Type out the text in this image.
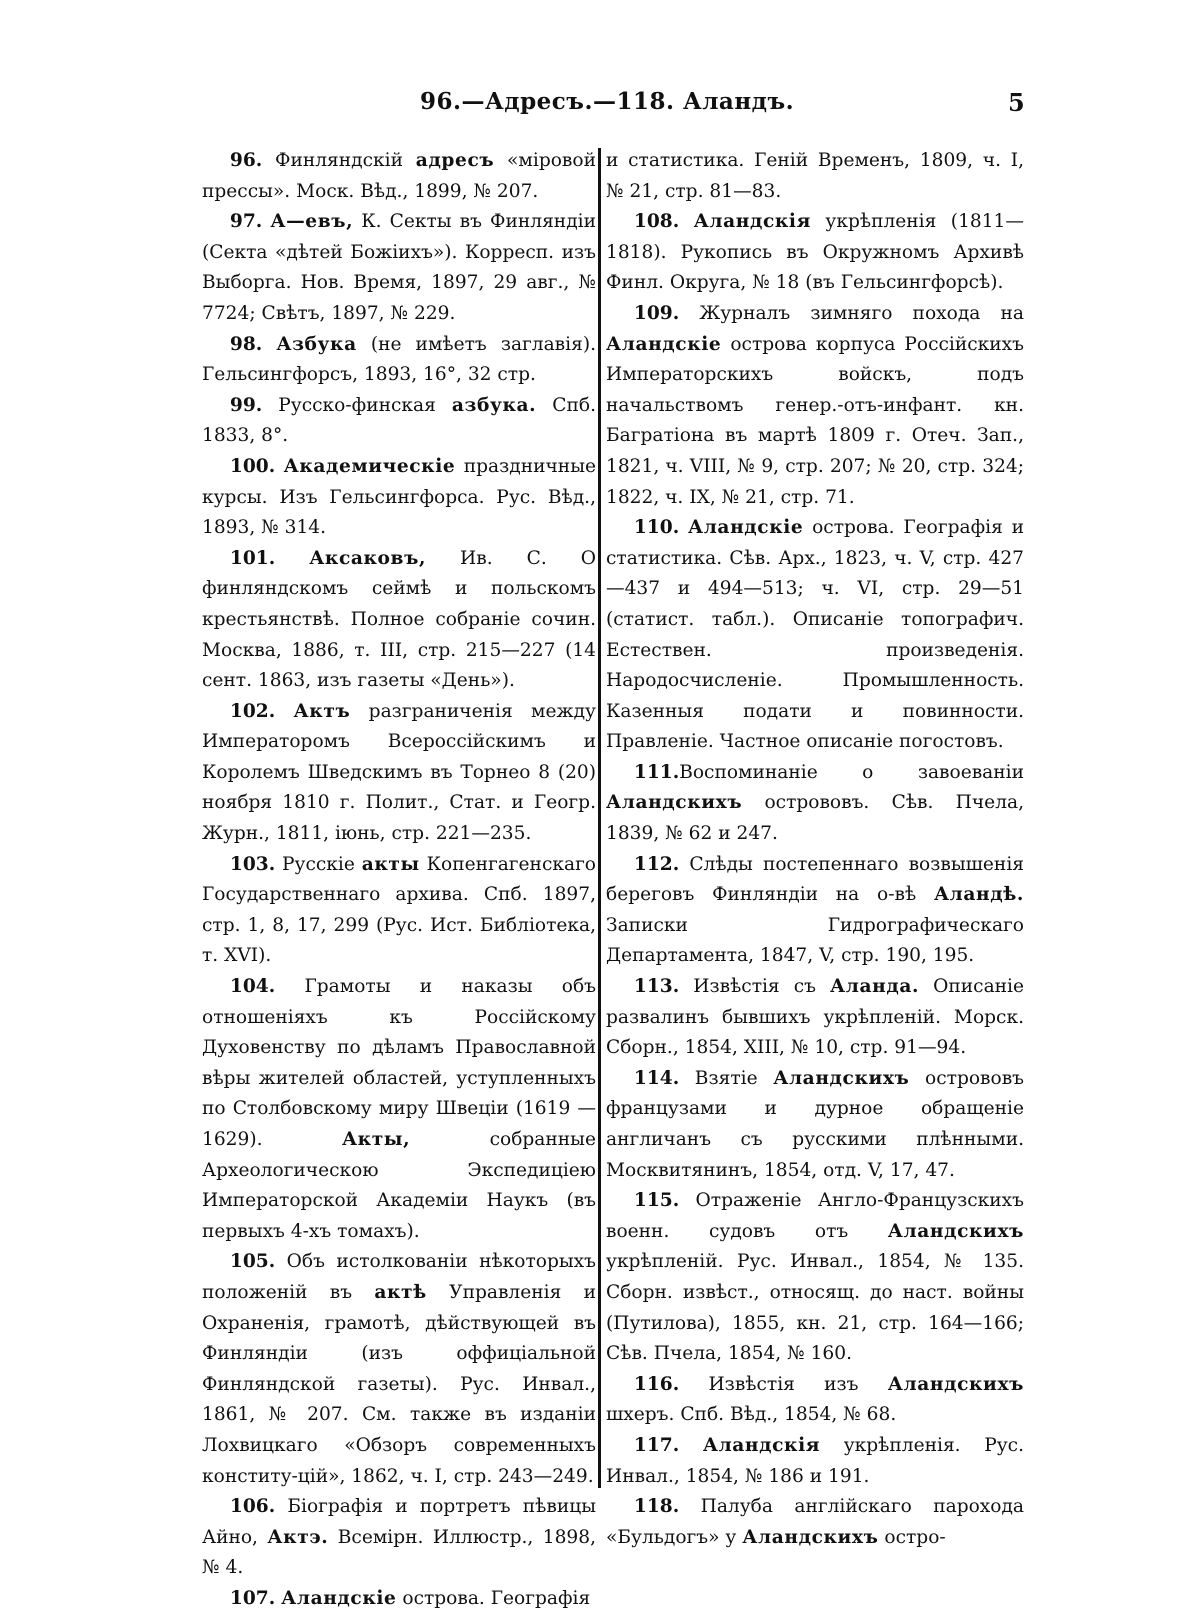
96.—Адресъ.—118. Аландъ.	5

96. Финляндскій адресъ «міровой прессы». Моск. Вѣд., 1899, № 207.

97. А—евъ, К. Секты въ Финляндіи (Секта «дѣтей Божіихъ»). Корресп. изъ Выборга. Нов. Время, 1897, 29 авг., № 7724; Свѣтъ, 1897, № 229.

98. Азбука (не имѣетъ заглавія). Гельсингфорсъ, 1893, 16°, 32 стр.

99. Русско-финская азбука. Спб. 1833, 8°.

100. Академическіе праздничные курсы. Изъ Гельсингфорса. Рус. Вѣд., 1893, № 314.

101. Аксаковъ, Ив. С. О финляндскомъ сеймѣ и польскомъ крестьянствѣ. Полное собраніе сочин. Москва, 1886, т. III, стр. 215—227 (14 сент. 1863, изъ газеты «День»).

102. Актъ разграниченія между Императоромъ Всероссійскимъ и Королемъ Шведскимъ въ Торнео 8 (20) ноября 1810 г. Полит., Стат. и Геогр. Журн., 1811, іюнь, стр. 221—235.

103. Русскіе акты Копенгагенскаго Государственнаго архива. Спб. 1897, стр. 1, 8, 17, 299 (Рус. Ист. Библіотека, т. XVI).

104. Грамоты и наказы объ отношеніяхъ къ Россійскому Духовенству по дѣламъ Православной вѣры жителей областей, уступленныхъ по Столбовскому миру Швеціи (1619 — 1629). Акты, собранные Археологическою Экспедиціею Императорской Академіи Наукъ (въ первыхъ 4-хъ томахъ).

105. Объ истолкованіи нѣкоторыхъ положеній въ актѣ Управленія и Охраненія, грамотѣ, дѣйствующей въ Финляндіи (изъ оффиціальной Финляндской газеты). Рус. Инвал., 1861, № 207. См. также въ изданіи Лохвицкаго «Обзоръ современныхъ конститу-цій», 1862, ч. I, стр. 243—249.

106. Біографія и портретъ пѣвицы Айно, Актэ. Всемірн. Иллюстр., 1898, № 4.

107. Аландскіе острова. Географія

и статистика. Геній Временъ, 1809, ч. I, № 21, стр. 81—83.

108. Аландскія укрѣпленія (1811—1818). Рукопись въ Окружномъ Архивѣ Финл. Округа, № 18 (въ Гельсингфорсѣ).

109. Журналъ зимняго похода на Аландскіе острова корпуса Россійскихъ Императорскихъ войскъ, подъ начальствомъ генер.-отъ-инфант. кн. Багратіона въ мартѣ 1809 г. Отеч. Зап., 1821, ч. VIII, № 9, стр. 207; № 20, стр. 324; 1822, ч. IX, № 21, стр. 71.

110. Аландскіе острова. Географія и статистика. Сѣв. Арх., 1823, ч. V, стр. 427—437 и 494—513; ч. VI, стр. 29—51 (статист. табл.). Описаніе топографич. Естествен. произведенія. Народосчисленіе. Промышленность. Казенныя подати и повинности. Правленіе. Частное описаніе погостовъ.

111.Воспоминаніе о завоеваніи Аландскихъ острововъ. Сѣв. Пчела, 1839, № 62 и 247.

112. Слѣды постепеннаго возвышенія береговъ Финляндіи на о-вѣ Аландѣ. Записки Гидрографическаго Департамента, 1847, V, стр. 190, 195.

113. Извѣстія съ Аланда. Описаніе развалинъ бывшихъ укрѣпленій. Морск. Сборн., 1854, XIII, № 10, стр. 91—94.

114. Взятіе Аландскихъ острововъ французами и дурное обращеніе англичанъ съ русскими плѣнными. Москвитянинъ, 1854, отд. V, 17, 47.

115. Отраженіе Англо-Французскихъ военн. судовъ отъ Аландскихъ укрѣпленій. Рус. Инвал., 1854, № 135. Сборн. извѣст., относящ. до наст. войны (Путилова), 1855, кн. 21, стр. 164—166; Сѣв. Пчела, 1854, № 160.

116. Извѣстія изъ Аландскихъ шхеръ. Спб. Вѣд., 1854, № 68.

117. Аландскія укрѣпленія. Рус. Инвал., 1854, № 186 и 191.

118. Палуба англійскаго парохода «Бульдогъ» у Аландскихъ остро-
